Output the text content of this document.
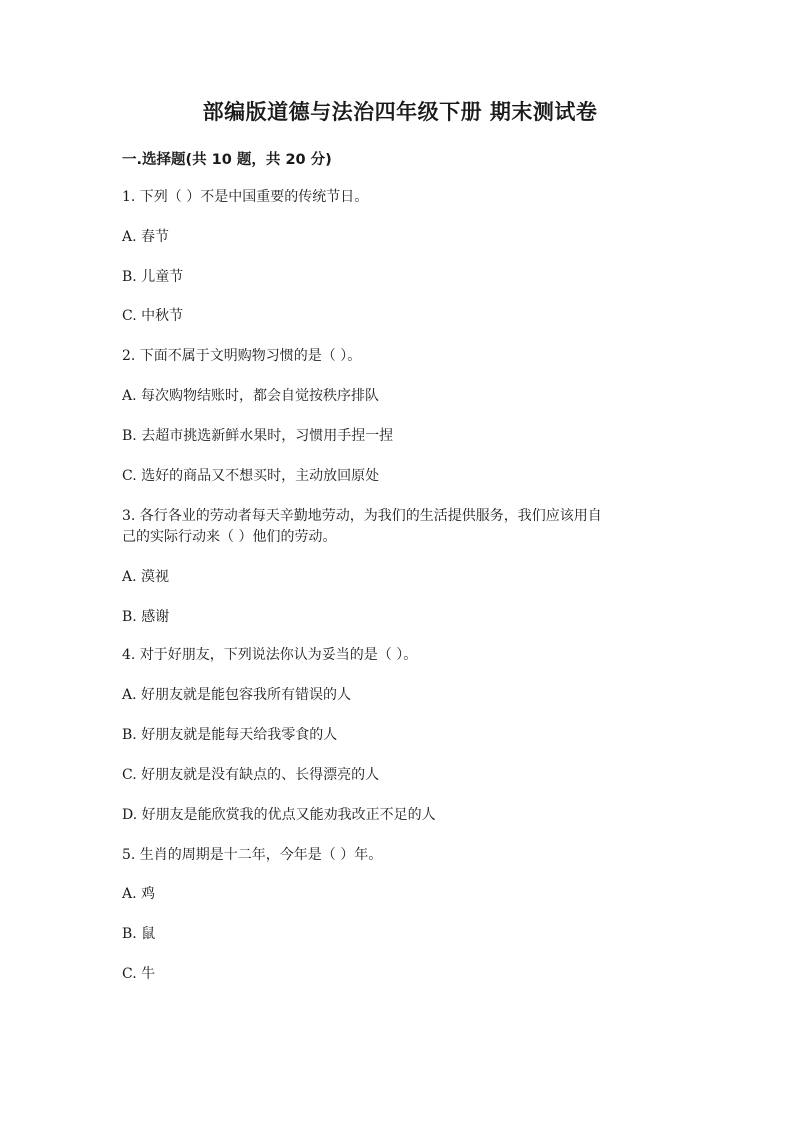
部编版道德与法治四年级下册 期末测试卷
一.选择题(共 10 题，共 20 分)
1. 下列（ ）不是中国重要的传统节日。
A. 春节
B. 儿童节
C. 中秋节
2. 下面不属于文明购物习惯的是（ ）。
A. 每次购物结账时，都会自觉按秩序排队
B. 去超市挑选新鲜水果时，习惯用手捏一捏
C. 选好的商品又不想买时，主动放回原处
3. 各行各业的劳动者每天辛勤地劳动，为我们的生活提供服务，我们应该用自
己的实际行动来（ ）他们的劳动。
A. 漠视
B. 感谢
4. 对于好朋友，下列说法你认为妥当的是（ ）。
A. 好朋友就是能包容我所有错误的人
B. 好朋友就是能每天给我零食的人
C. 好朋友就是没有缺点的、长得漂亮的人
D. 好朋友是能欣赏我的优点又能劝我改正不足的人
5. 生肖的周期是十二年，今年是（ ）年。
A. 鸡
B. 鼠
C. 牛
